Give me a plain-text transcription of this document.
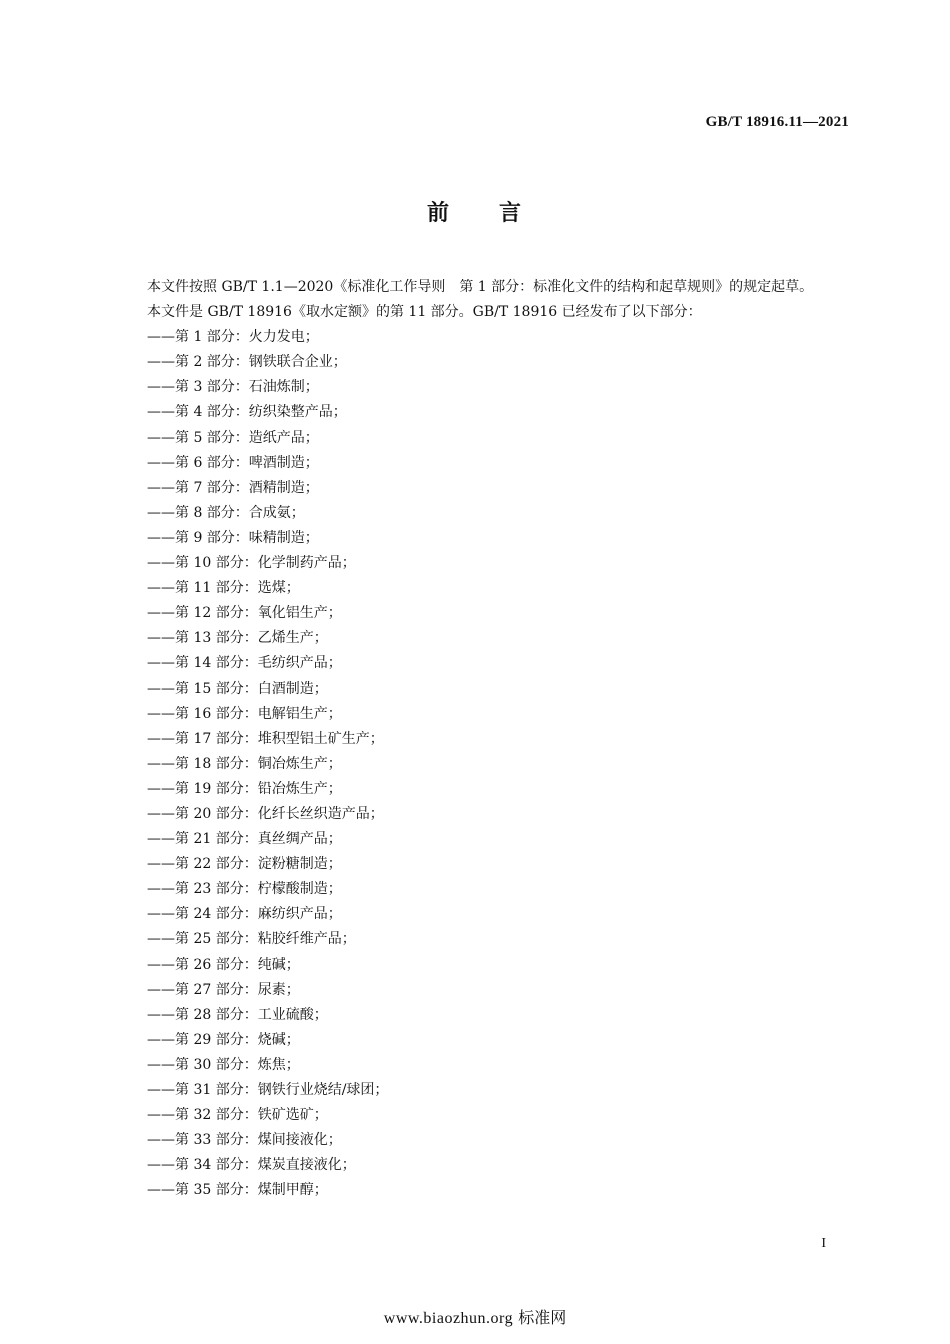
GB/T 18916.11—2021
前 言

本文件按照 GB/T 1.1—2020《标准化工作导则　第 1 部分：标准化文件的结构和起草规则》的规定起草。

本文件是 GB/T 18916《取水定额》的第 11 部分。GB/T 18916 已经发布了以下部分：

——第 1 部分：火力发电；
——第 2 部分：钢铁联合企业；
——第 3 部分：石油炼制；
——第 4 部分：纺织染整产品；
——第 5 部分：造纸产品；
——第 6 部分：啤酒制造；
——第 7 部分：酒精制造；
——第 8 部分：合成氨；
——第 9 部分：味精制造；
——第 10 部分：化学制药产品；
——第 11 部分：选煤；
——第 12 部分：氧化铝生产；
——第 13 部分：乙烯生产；
——第 14 部分：毛纺织产品；
——第 15 部分：白酒制造；
——第 16 部分：电解铝生产；
——第 17 部分：堆积型铝土矿生产；
——第 18 部分：铜冶炼生产；
——第 19 部分：铅冶炼生产；
——第 20 部分：化纤长丝织造产品；
——第 21 部分：真丝绸产品；
——第 22 部分：淀粉糖制造；
——第 23 部分：柠檬酸制造；
——第 24 部分：麻纺织产品；
——第 25 部分：粘胶纤维产品；
——第 26 部分：纯碱；
——第 27 部分：尿素；
——第 28 部分：工业硫酸；
——第 29 部分：烧碱；
——第 30 部分：炼焦；
——第 31 部分：钢铁行业烧结/球团；
——第 32 部分：铁矿选矿；
——第 33 部分：煤间接液化；
——第 34 部分：煤炭直接液化；
——第 35 部分：煤制甲醇；
I
www.biaozhun.org 标准网
